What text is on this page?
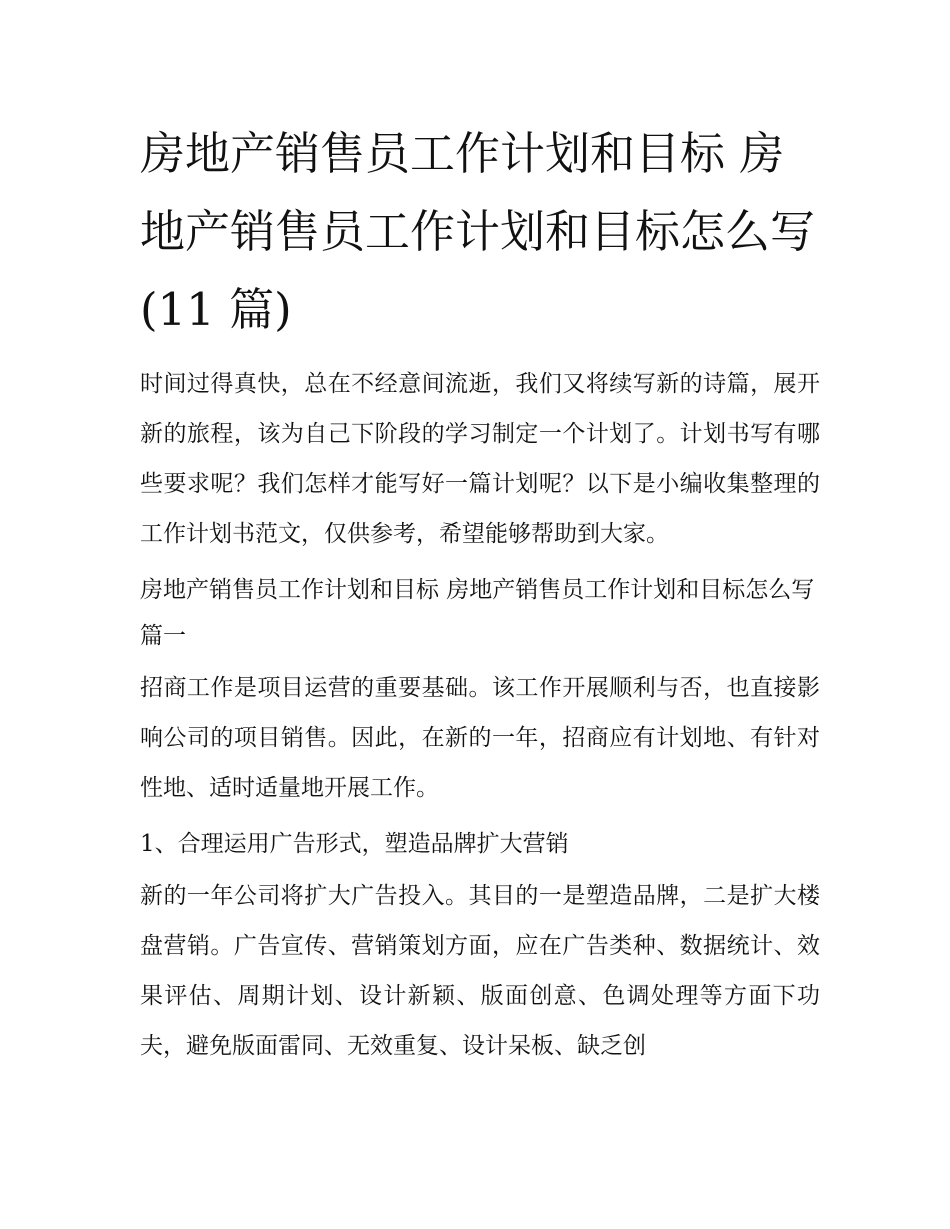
房地产销售员工作计划和目标 房地产销售员工作计划和目标怎么写(11 篇)

时间过得真快，总在不经意间流逝，我们又将续写新的诗篇，展开新的旅程，该为自己下阶段的学习制定一个计划了。计划书写有哪些要求呢？我们怎样才能写好一篇计划呢？以下是小编收集整理的工作计划书范文，仅供参考，希望能够帮助到大家。

房地产销售员工作计划和目标 房地产销售员工作计划和目标怎么写篇一

招商工作是项目运营的重要基础。该工作开展顺利与否，也直接影响公司的项目销售。因此，在新的一年，招商应有计划地、有针对性地、适时适量地开展工作。

1、合理运用广告形式，塑造品牌扩大营销

新的一年公司将扩大广告投入。其目的一是塑造品牌，二是扩大楼盘营销。广告宣传、营销策划方面，应在广告类种、数据统计、效果评估、周期计划、设计新颖、版面创意、色调处理等方面下功夫，避免版面雷同、无效重复、设计呆板、缺乏创
